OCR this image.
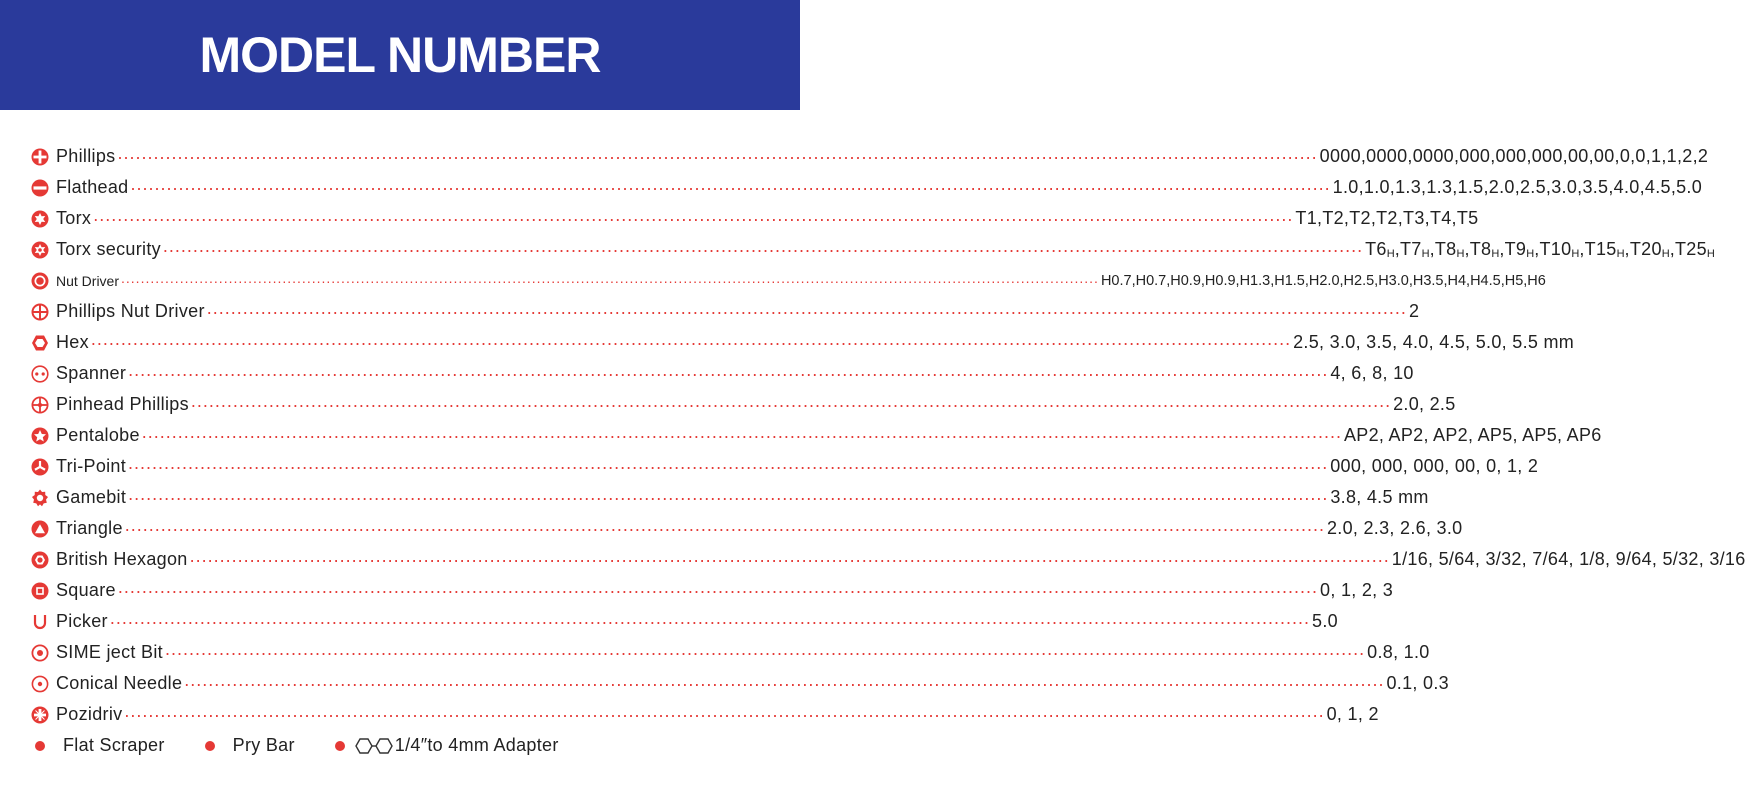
MODEL NUMBER
Phillips ........................................................................................................................................................................................................ 0000,0000,0000,000,000,000,00,00,0,0,1,1,2,2
Flathead ........................................................................................................................................................................................................ 1.0,1.0,1.3,1.3,1.5,2.0,2.5,3.0,3.5,4.0,4.5,5.0
Torx ........................................................................................................................................................................................................ T1,T2,T2,T2,T3,T4,T5
Torx security ........................................................................................................................................................................................................ $T6_H,T7_H,T8_H,T8_H,T9_H,T10_H,T15_H,T20_H,T25_H$
Nut Driver ........................................................................................................................................................................................................ H0.7,H0.7,H0.9,H0.9,H1.3,H1.5,H2.0,H2.5,H3.0,H3.5,H4,H4.5,H5,H6
Phillips Nut Driver ........................................................................................................................................................................................................ 2
Hex ........................................................................................................................................................................................................ 2.5, 3.0, 3.5, 4.0, 4.5, 5.0, 5.5 mm
Spanner ........................................................................................................................................................................................................ 4, 6, 8, 10
Pinhead Phillips ........................................................................................................................................................................................................ 2.0, 2.5
Pentalobe ........................................................................................................................................................................................................ AP2, AP2, AP2, AP5, AP5, AP6
Tri-Point ........................................................................................................................................................................................................ 000, 000, 000, 00, 0, 1, 2
Gamebit ........................................................................................................................................................................................................ 3.8, 4.5 mm
Triangle ........................................................................................................................................................................................................ 2.0, 2.3, 2.6, 3.0
British Hexagon ........................................................................................................................................................................................................ 1/16, 5/64, 3/32, 7/64, 1/8, 9/64, 5/32, 3/16
Square ........................................................................................................................................................................................................ 0, 1, 2, 3
Picker ........................................................................................................................................................................................................ 5.0
SIME ject Bit ........................................................................................................................................................................................................ 0.8, 1.0
Conical Needle ........................................................................................................................................................................................................ 0.1, 0.3
Pozidriv ........................................................................................................................................................................................................ 0, 1, 2
Flat Scraper	Pry Bar	1/4″to 4mm Adapter
